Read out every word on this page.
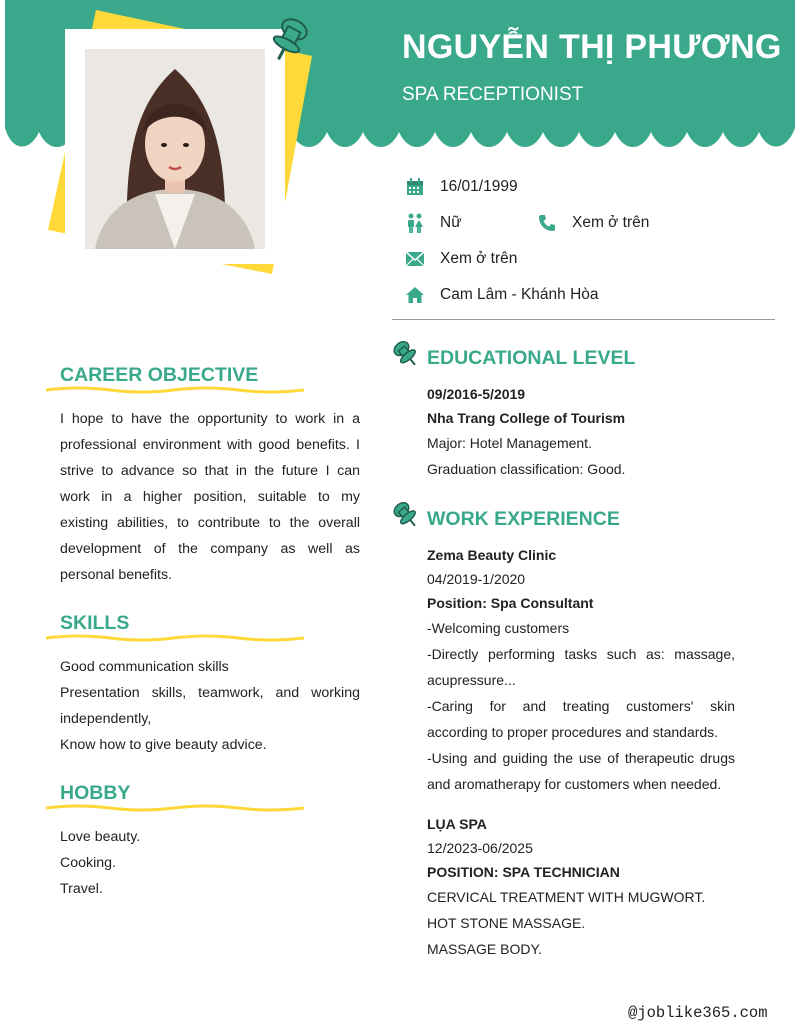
NGUYỄN THỊ PHƯƠNG
SPA RECEPTIONIST
16/01/1999
Nữ	Xem ở trên
Xem ở trên
Cam Lâm - Khánh Hòa
CAREER OBJECTIVE
I hope to have the opportunity to work in a professional environment with good benefits. I strive to advance so that in the future I can work in a higher position, suitable to my existing abilities, to contribute to the overall development of the company as well as personal benefits.
SKILLS

Good communication skills

Presentation skills, teamwork, and working independently,

Know how to give beauty advice.

HOBBY

Love beauty.

Cooking.

Travel.

EDUCATIONAL LEVEL
09/2016-5/2019
Nha Trang College of Tourism
Major: Hotel Management.
Graduation classification: Good.
WORK EXPERIENCE
Zema Beauty Clinic
04/2019-1/2020
Position: Spa Consultant
-Welcoming customers
-Directly performing tasks such as: massage, acupressure...
-Caring for and treating customers' skin according to proper procedures and standards.
-Using and guiding the use of therapeutic drugs and aromatherapy for customers when needed.
LỤA SPA
12/2023-06/2025
POSITION: SPA TECHNICIAN
CERVICAL TREATMENT WITH MUGWORT.
HOT STONE MASSAGE.
MASSAGE BODY.
@joblike365.com
